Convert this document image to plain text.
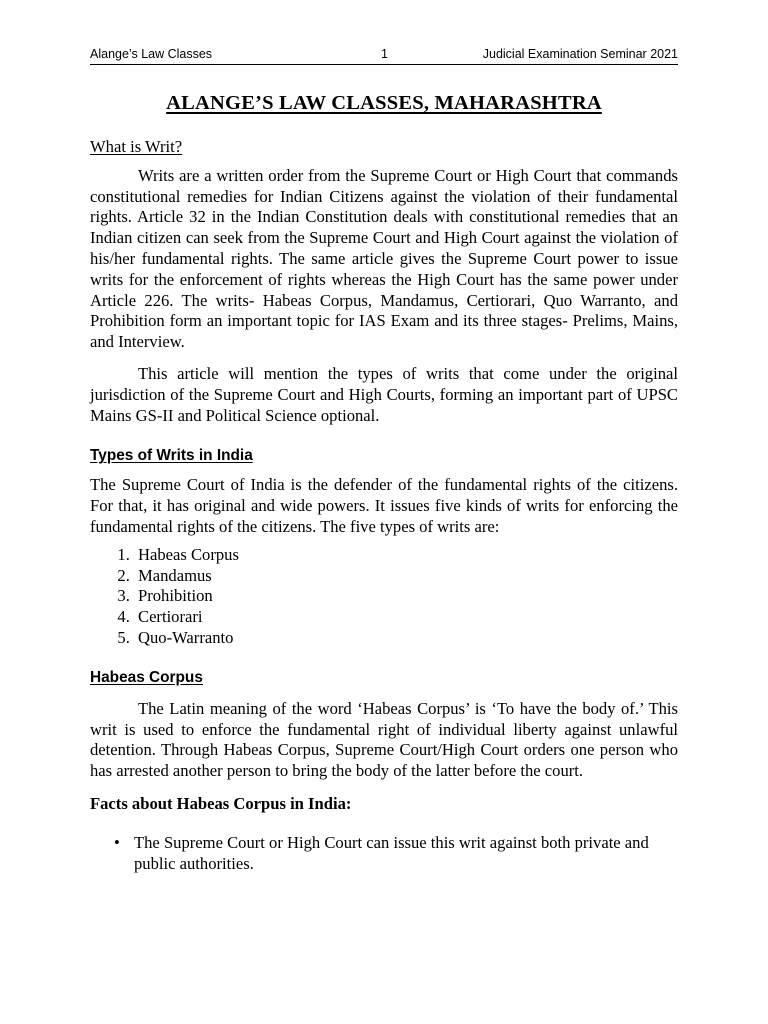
Alange’s Law Classes	1	Judicial Examination Seminar 2021
ALANGE’S LAW CLASSES, MAHARASHTRA
What is Writ?

Writs are a written order from the Supreme Court or High Court that commands constitutional remedies for Indian Citizens against the violation of their fundamental rights. Article 32 in the Indian Constitution deals with constitutional remedies that an Indian citizen can seek from the Supreme Court and High Court against the violation of his/her fundamental rights. The same article gives the Supreme Court power to issue writs for the enforcement of rights whereas the High Court has the same power under Article 226. The writs- Habeas Corpus, Mandamus, Certiorari, Quo Warranto, and Prohibition form an important topic for IAS Exam and its three stages- Prelims, Mains, and Interview.

This article will mention the types of writs that come under the original jurisdiction of the Supreme Court and High Courts, forming an important part of UPSC Mains GS-II and Political Science optional.

Types of Writs in India

The Supreme Court of India is the defender of the fundamental rights of the citizens. For that, it has original and wide powers. It issues five kinds of writs for enforcing the fundamental rights of the citizens. The five types of writs are:

1. Habeas Corpus
2. Mandamus
3. Prohibition
4. Certiorari
5. Quo-Warranto
Habeas Corpus

The Latin meaning of the word ‘Habeas Corpus’ is ‘To have the body of.’ This writ is used to enforce the fundamental right of individual liberty against unlawful detention. Through Habeas Corpus, Supreme Court/High Court orders one person who has arrested another person to bring the body of the latter before the court.

Facts about Habeas Corpus in India:
• The Supreme Court or High Court can issue this writ against both private and public authorities.
